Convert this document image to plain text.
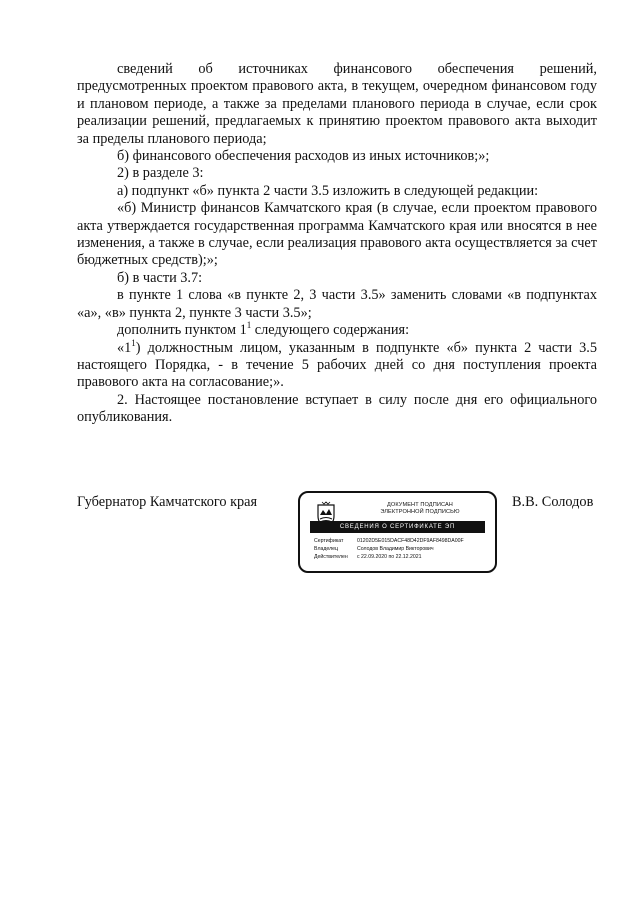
сведений об источниках финансового обеспечения решений,

предусмотренных проектом правового акта, в текущем, очередном финансовом году и плановом периоде, а также за пределами планового периода в случае, если срок реализации решений, предлагаемых к принятию проектом правового акта выходит за пределы планового периода;

б) финансового обеспечения расходов из иных источников;»;

2) в разделе 3:

а) подпункт «б» пункта 2 части 3.5 изложить в следующей редакции:

«б) Министр финансов Камчатского края (в случае, если проектом правового акта утверждается государственная программа Камчатского края или вносятся в нее изменения, а также в случае, если реализация правового акта осуществляется за счет бюджетных средств);»;

б) в части 3.7:

в пункте 1 слова «в пункте 2, 3 части 3.5» заменить словами «в подпунктах «а», «в» пункта 2, пункте 3 части 3.5»;

дополнить пунктом $1^1$ следующего содержания:

«$1^1$) должностным лицом, указанным в подпункте «б» пункта 2 части 3.5 настоящего Порядка, - в течение 5 рабочих дней со дня поступления проекта правового акта на согласование;».

2. Настоящее постановление вступает в силу после дня его официального опубликования.

Губернатор Камчатского края	В.В. Солодов
ДОКУМЕНТ ПОДПИСАН
ЭЛЕКТРОННОЙ ПОДПИСЬЮ
СВЕДЕНИЯ О СЕРТИФИКАТЕ ЭП
Сертификат	01202D5E015DACF48D42DF9AF8498DA00F
Владелец	Солодов Владимир Викторович
Действителен с 22.09.2020 по 22.12.2021
